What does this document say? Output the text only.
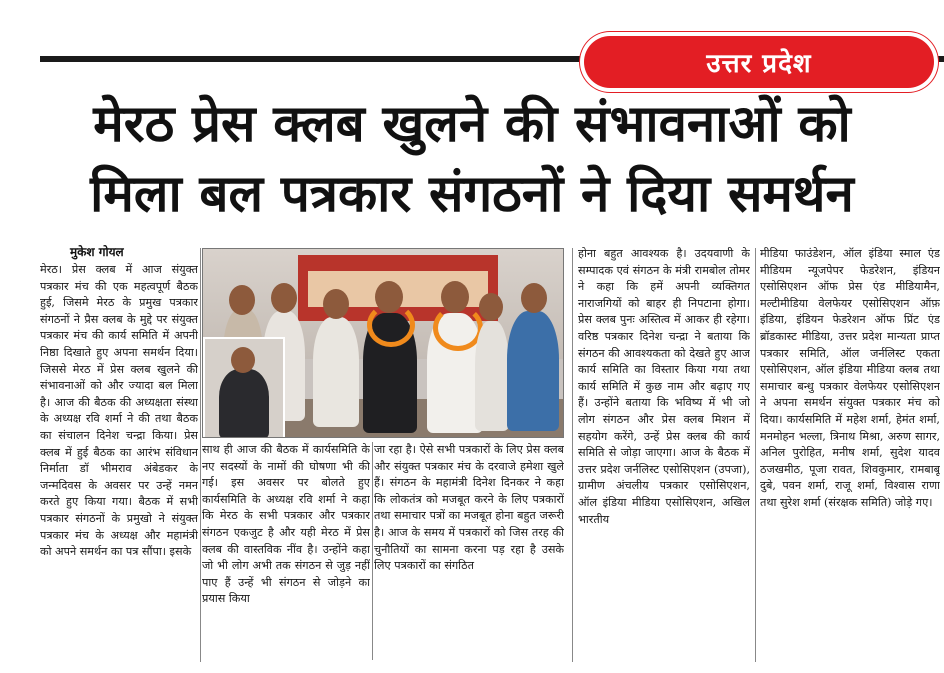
उत्तर प्रदेश
मेरठ प्रेस क्लब खुलने की संभावनाओं को
मिला बल पत्रकार संगठनों ने दिया समर्थन
मुकेश गोयल

मेरठ। प्रेस क्लब में आज संयुक्त पत्रकार मंच की एक महत्वपूर्ण बैठक हुई, जिसमे मेरठ के प्रमुख पत्रकार संगठनों ने प्रैस क्लब के मुद्दे पर संयुक्त पत्रकार मंच की कार्य समिति में अपनी निष्ठा दिखाते हुए अपना समर्थन दिया। जिससे मेरठ में प्रेस क्लब खुलने की संभावनाओं को और ज्यादा बल मिला है। आज की बैठक की अध्यक्षता संस्था के अध्यक्ष रवि शर्मा ने की तथा बैठक का संचालन दिनेश चन्द्रा किया। प्रेस क्लब में हुई बैठक का आरंभ संविधान निर्माता डॉ भीमराव अंबेडकर के जन्मदिवस के अवसर पर उन्हें नमन करते हुए किया गया। बैठक में सभी पत्रकार संगठनों के प्रमुखो ने संयुक्त पत्रकार मंच के अध्यक्ष और महामंत्री को अपने समर्थन का पत्र सौंपा। इसके

साथ ही आज की बैठक में कार्यसमिति के नए सदस्यों के नामों की घोषणा भी की गई। इस अवसर पर बोलते हुए कार्यसमिति के अध्यक्ष रवि शर्मा ने कहा कि मेरठ के सभी पत्रकार और पत्रकार संगठन एकजुट है और यही मेरठ में प्रेस क्लब की वास्तविक नींव है। उन्होंने कहा जो भी लोग अभी तक संगठन से जुड़ नहीं पाए हैं उन्हें भी संगठन से जोड़ने का प्रयास किया

जा रहा है। ऐसे सभी पत्रकारों के लिए प्रेस क्लब और संयुक्त पत्रकार मंच के दरवाजे हमेशा खुले हैं। संगठन के महामंत्री दिनेश दिनकर ने कहा कि लोकतंत्र को मजबूत करने के लिए पत्रकारों तथा समाचार पत्रों का मजबूत होना बहुत जरूरी है। आज के समय में पत्रकारों को जिस तरह की चुनौतियों का सामना करना पड़ रहा है उसके लिए पत्रकारों का संगठित

होना बहुत आवश्यक है। उदयवाणी के सम्पादक एवं संगठन के मंत्री रामबोल तोमर ने कहा कि हमें अपनी व्यक्तिगत नाराजगियों को बाहर ही निपटाना होगा। प्रेस क्लब पुनः अस्तित्व में आकर ही रहेगा। वरिष्ठ पत्रकार दिनेश चन्द्रा ने बताया कि संगठन की आवश्यकता को देखते हुए आज कार्य समिति का विस्तार किया गया तथा कार्य समिति में कुछ नाम और बढ़ाए गए हैं। उन्होंने बताया कि भविष्य में भी जो लोग संगठन और प्रेस क्लब मिशन में सहयोग करेंगे, उन्हें प्रेस क्लब की कार्य समिति से जोड़ा जाएगा। आज के बैठक में उत्तर प्रदेश जर्नलिस्ट एसोसिएशन (उपजा), ग्रामीण अंचलीय पत्रकार एसोसिएशन, ऑल इंडिया मीडिया एसोसिएशन, अखिल भारतीय

मीडिया फाउंडेशन, ऑल इंडिया स्माल एंड मीडियम न्यूजपेपर फेडरेशन, इंडियन एसोसिएशन ऑफ प्रेस एंड मीडियामैन, मल्टीमीडिया वेलफेयर एसोसिएशन ऑफ़ इंडिया, इंडियन फेडरेशन ऑफ प्रिंट एंड ब्रॉडकास्ट मीडिया, उत्तर प्रदेश मान्यता प्राप्त पत्रकार समिति, ऑल जर्नलिस्ट एकता एसोसिएशन, ऑल इंडिया मीडिया क्लब तथा समाचार बन्धु पत्रकार वेलफेयर एसोसिएशन ने अपना समर्थन संयुक्त पत्रकार मंच को दिया। कार्यसमिति में महेश शर्मा, हेमंत शर्मा, मनमोहन भल्ला, त्रिनाथ मिश्रा, अरुण सागर, अनिल पुरोहित, मनीष शर्मा, सुदेश यादव ठजखमीठ, पूजा रावत, शिवकुमार, रामबाबू दुबे, पवन शर्मा, राजू शर्मा, विश्वास राणा तथा सुरेश शर्मा (संरक्षक समिति) जोड़े गए।
